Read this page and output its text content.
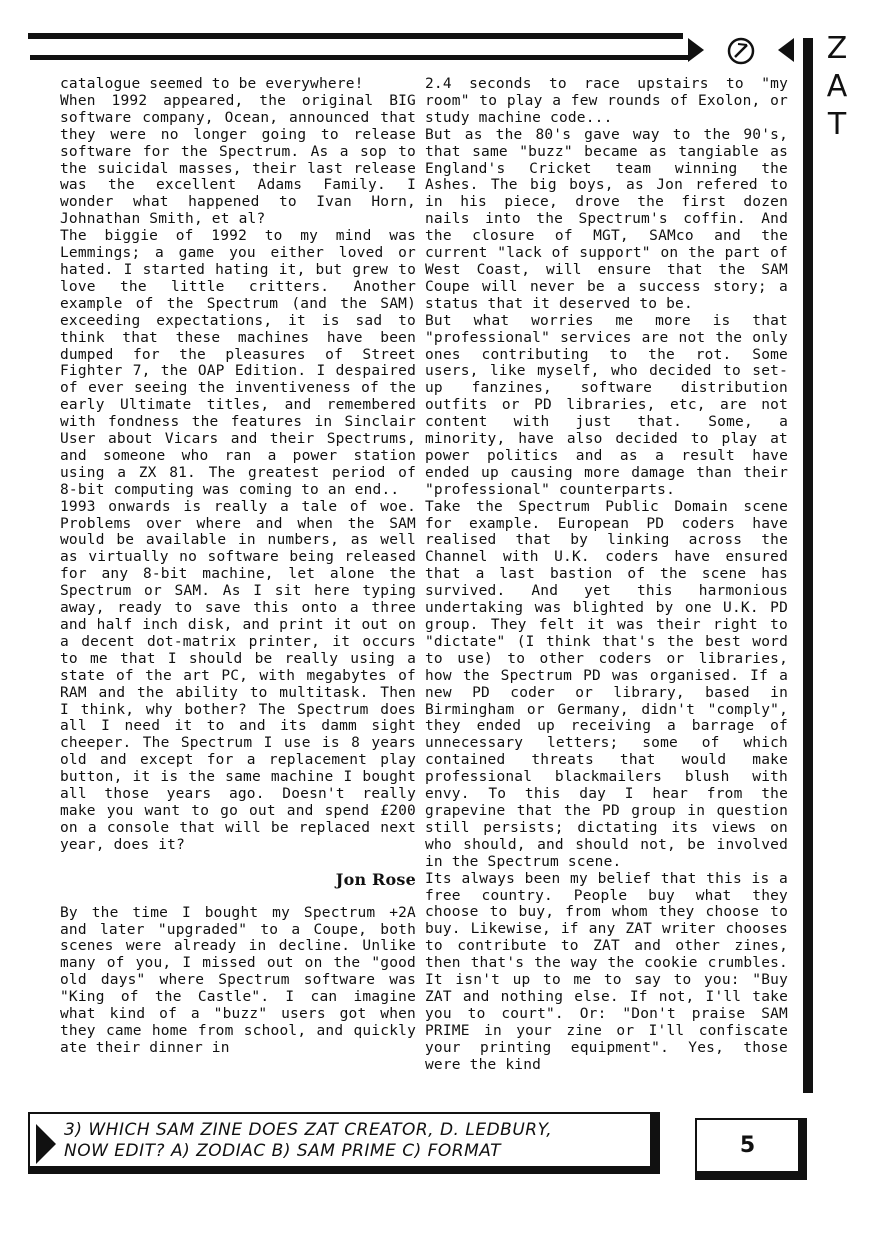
Z
A
T

catalogue seemed to be everywhere!

When 1992 appeared, the original BIG software company, Ocean, announced that they were no longer going to release software for the Spectrum. As a sop to the suicidal masses, their last release was the excellent Adams Family. I wonder what happened to Ivan Horn, Johnathan Smith, et al?

The biggie of 1992 to my mind was Lemmings; a game you either loved or hated. I started hating it, but grew to love the little critters. Another example of the Spectrum (and the SAM) exceeding expectations, it is sad to think that these machines have been dumped for the pleasures of Street Fighter 7, the OAP Edition. I despaired of ever seeing the inventiveness of the early Ultimate titles, and remembered with fondness the features in Sinclair User about Vicars and their Spectrums, and someone who ran a power station using a ZX 81. The greatest period of 8-bit computing was coming to an end..

1993 onwards is really a tale of woe. Problems over where and when the SAM would be available in numbers, as well as virtually no software being released for any 8-bit machine, let alone the Spectrum or SAM. As I sit here typing away, ready to save this onto a three and half inch disk, and print it out on a decent dot-matrix printer, it occurs to me that I should be really using a state of the art PC, with megabytes of RAM and the ability to multitask. Then I think, why bother? The Spectrum does all I need it to and its damm sight cheeper. The Spectrum I use is 8 years old and except for a replacement play button, it is the same machine I bought all those years ago. Doesn't really make you want to go out and spend £200 on a console that will be replaced next year, does it?

Jon Rose

By the time I bought my Spectrum +2A and later "upgraded" to a Coupe, both scenes were already in decline. Unlike many of you, I missed out on the "good old days" where Spectrum software was "King of the Castle". I can imagine what kind of a "buzz" users got when they came home from school, and quickly ate their dinner in

2.4 seconds to race upstairs to "my room" to play a few rounds of Exolon, or study machine code...

But as the 80's gave way to the 90's, that same "buzz" became as tangiable as England's Cricket team winning the Ashes. The big boys, as Jon refered to in his piece, drove the first dozen nails into the Spectrum's coffin. And the closure of MGT, SAMco and the current "lack of support" on the part of West Coast, will ensure that the SAM Coupe will never be a success story; a status that it deserved to be.

But what worries me more is that "professional" services are not the only ones contributing to the rot. Some users, like myself, who decided to set-up fanzines, software distribution outfits or PD libraries, etc, are not content with just that. Some, a minority, have also decided to play at power politics and as a result have ended up causing more damage than their "professional" counterparts.

Take the Spectrum Public Domain scene for example. European PD coders have realised that by linking across the Channel with U.K. coders have ensured that a last bastion of the scene has survived. And yet this harmonious undertaking was blighted by one U.K. PD group. They felt it was their right to "dictate" (I think that's the best word to use) to other coders or libraries, how the Spectrum PD was organised. If a new PD coder or library, based in Birmingham or Germany, didn't "comply", they ended up receiving a barrage of unnecessary letters; some of which contained threats that would make professional blackmailers blush with envy. To this day I hear from the grapevine that the PD group in question still persists; dictating its views on who should, and should not, be involved in the Spectrum scene.

Its always been my belief that this is a free country. People buy what they choose to buy, from whom they choose to buy. Likewise, if any ZAT writer chooses to contribute to ZAT and other zines, then that's the way the cookie crumbles. It isn't up to me to say to you: "Buy ZAT and nothing else. If not, I'll take you to court". Or: "Don't praise SAM PRIME in your zine or I'll confiscate your printing equipment". Yes, those were the kind

3) WHICH SAM ZINE DOES ZAT CREATOR, D. LEDBURY,
NOW EDIT? A) ZODIAC B) SAM PRIME C) FORMAT	5
